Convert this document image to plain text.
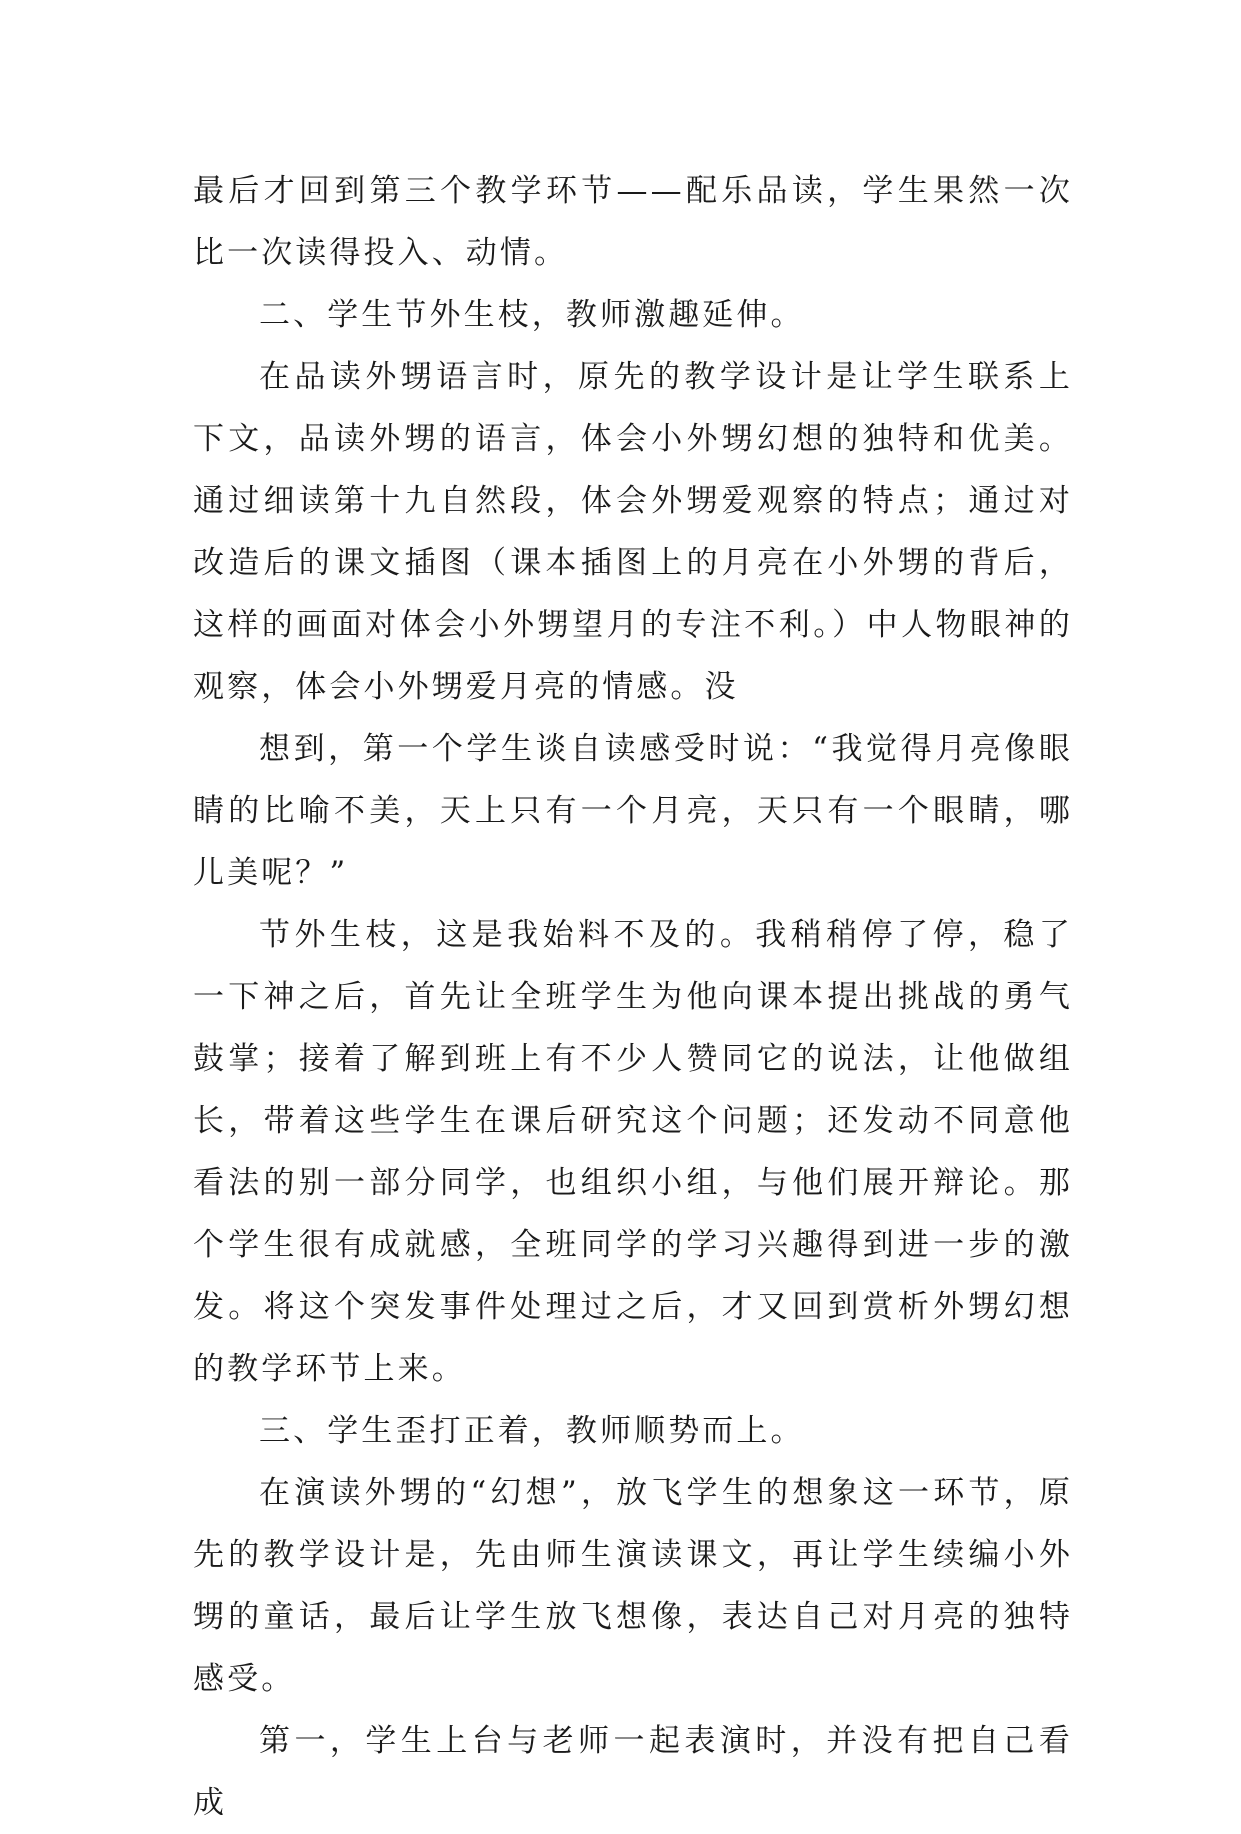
最后才回到第三个教学环节——配乐品读，学生果然一次比一次读得投入、动情。

二、学生节外生枝，教师激趣延伸。

在品读外甥语言时，原先的教学设计是让学生联系上下文，品读外甥的语言，体会小外甥幻想的独特和优美。通过细读第十九自然段，体会外甥爱观察的特点；通过对改造后的课文插图（课本插图上的月亮在小外甥的背后，这样的画面对体会小外甥望月的专注不利。）中人物眼神的观察，体会小外甥爱月亮的情感。没

想到，第一个学生谈自读感受时说：“我觉得月亮像眼睛的比喻不美，天上只有一个月亮，天只有一个眼睛，哪儿美呢？”

节外生枝，这是我始料不及的。我稍稍停了停，稳了一下神之后，首先让全班学生为他向课本提出挑战的勇气鼓掌；接着了解到班上有不少人赞同它的说法，让他做组长，带着这些学生在课后研究这个问题；还发动不同意他看法的别一部分同学，也组织小组，与他们展开辩论。那个学生很有成就感，全班同学的学习兴趣得到进一步的激发。将这个突发事件处理过之后，才又回到赏析外甥幻想的教学环节上来。

三、学生歪打正着，教师顺势而上。

在演读外甥的“幻想”，放飞学生的想象这一环节，原先的教学设计是，先由师生演读课文，再让学生续编小外甥的童话，最后让学生放飞想像，表达自己对月亮的独特感受。

第一，学生上台与老师一起表演时，并没有把自己看成
